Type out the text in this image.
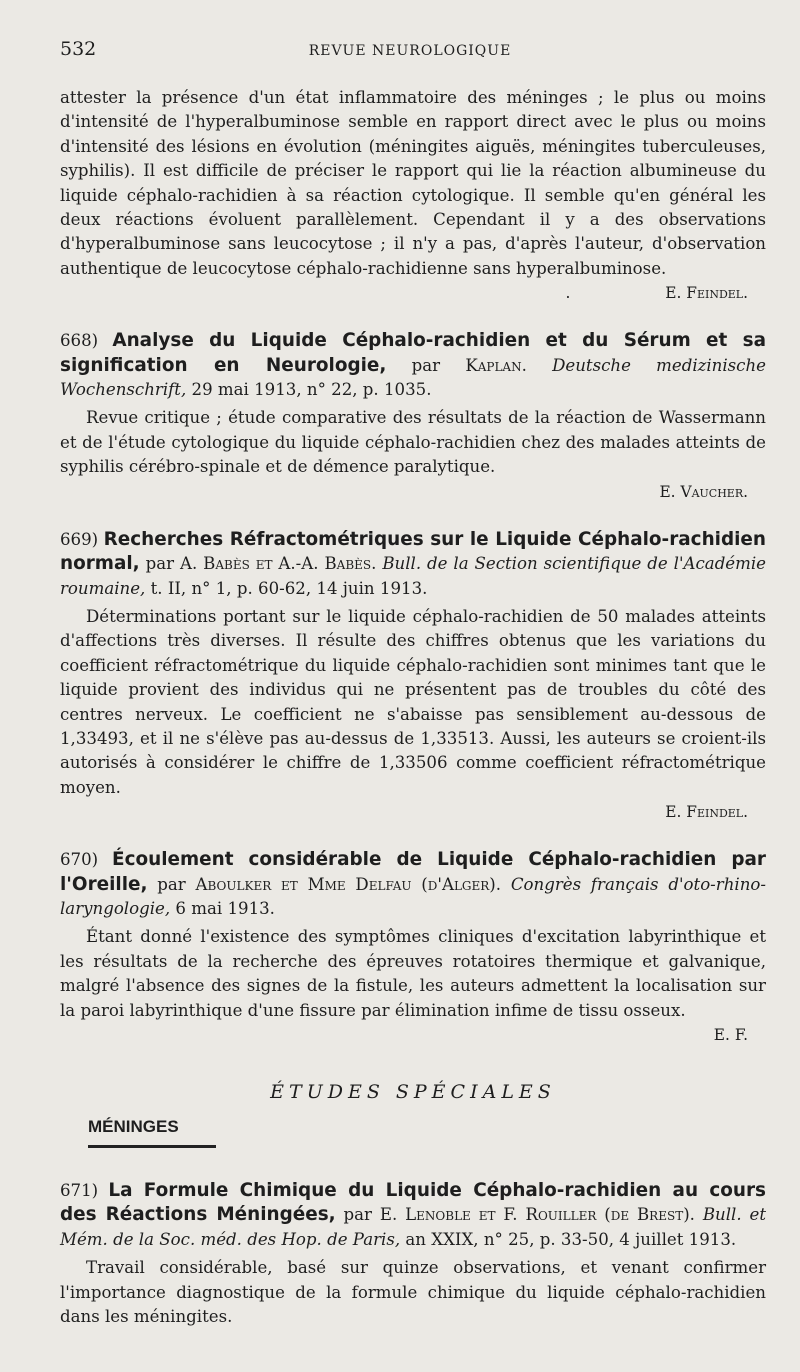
532	REVUE NEUROLOGIQUE

attester la présence d'un état inflammatoire des méninges ; le plus ou moins d'intensité de l'hyperalbuminose semble en rapport direct avec le plus ou moins d'intensité des lésions en évolution (méningites aiguës, méningites tuberculeuses, syphilis). Il est difficile de préciser le rapport qui lie la réaction albumineuse du liquide céphalo-rachidien à sa réaction cytologique. Il semble qu'en général les deux réactions évoluent parallèlement. Cependant il y a des observations d'hyperalbuminose sans leucocytose ; il n'y a pas, d'après l'auteur, d'observation authentique de leucocytose céphalo-rachidienne sans hyperalbuminose.

.	E. Feindel.

668) Analyse du Liquide Céphalo-rachidien et du Sérum et sa signification en Neurologie, par Kaplan. Deutsche medizinische Wochenschrift, 29 mai 1913, n° 22, p. 1035.

Revue critique ; étude comparative des résultats de la réaction de Wassermann et de l'étude cytologique du liquide céphalo-rachidien chez des malades atteints de syphilis cérébro-spinale et de démence paralytique.

E. Vaucher.

669) Recherches Réfractométriques sur le Liquide Céphalo-rachidien normal, par A. Babès et A.-A. Babès. Bull. de la Section scientifique de l'Académie roumaine, t. II, n° 1, p. 60-62, 14 juin 1913.

Déterminations portant sur le liquide céphalo-rachidien de 50 malades atteints d'affections très diverses. Il résulte des chiffres obtenus que les variations du coefficient réfractométrique du liquide céphalo-rachidien sont minimes tant que le liquide provient des individus qui ne présentent pas de troubles du côté des centres nerveux. Le coefficient ne s'abaisse pas sensiblement au-dessous de 1,33493, et il ne s'élève pas au-dessus de 1,33513. Aussi, les auteurs se croient-ils autorisés à considérer le chiffre de 1,33506 comme coefficient réfractométrique moyen.

E. Feindel.

670) Écoulement considérable de Liquide Céphalo-rachidien par l'Oreille, par Aboulker et Mme Delfau (d'Alger). Congrès français d'oto-rhino-laryngologie, 6 mai 1913.

Étant donné l'existence des symptômes cliniques d'excitation labyrinthique et les résultats de la recherche des épreuves rotatoires thermique et galvanique, malgré l'absence des signes de la fistule, les auteurs admettent la localisation sur la paroi labyrinthique d'une fissure par élimination infime de tissu osseux.

E. F.
ÉTUDES SPÉCIALES
MÉNINGES

671) La Formule Chimique du Liquide Céphalo-rachidien au cours des Réactions Méningées, par E. Lenoble et F. Rouiller (de Brest). Bull. et Mém. de la Soc. méd. des Hop. de Paris, an XXIX, n° 25, p. 33-50, 4 juillet 1913.

Travail considérable, basé sur quinze observations, et venant confirmer l'importance diagnostique de la formule chimique du liquide céphalo-rachidien dans les méningites.
